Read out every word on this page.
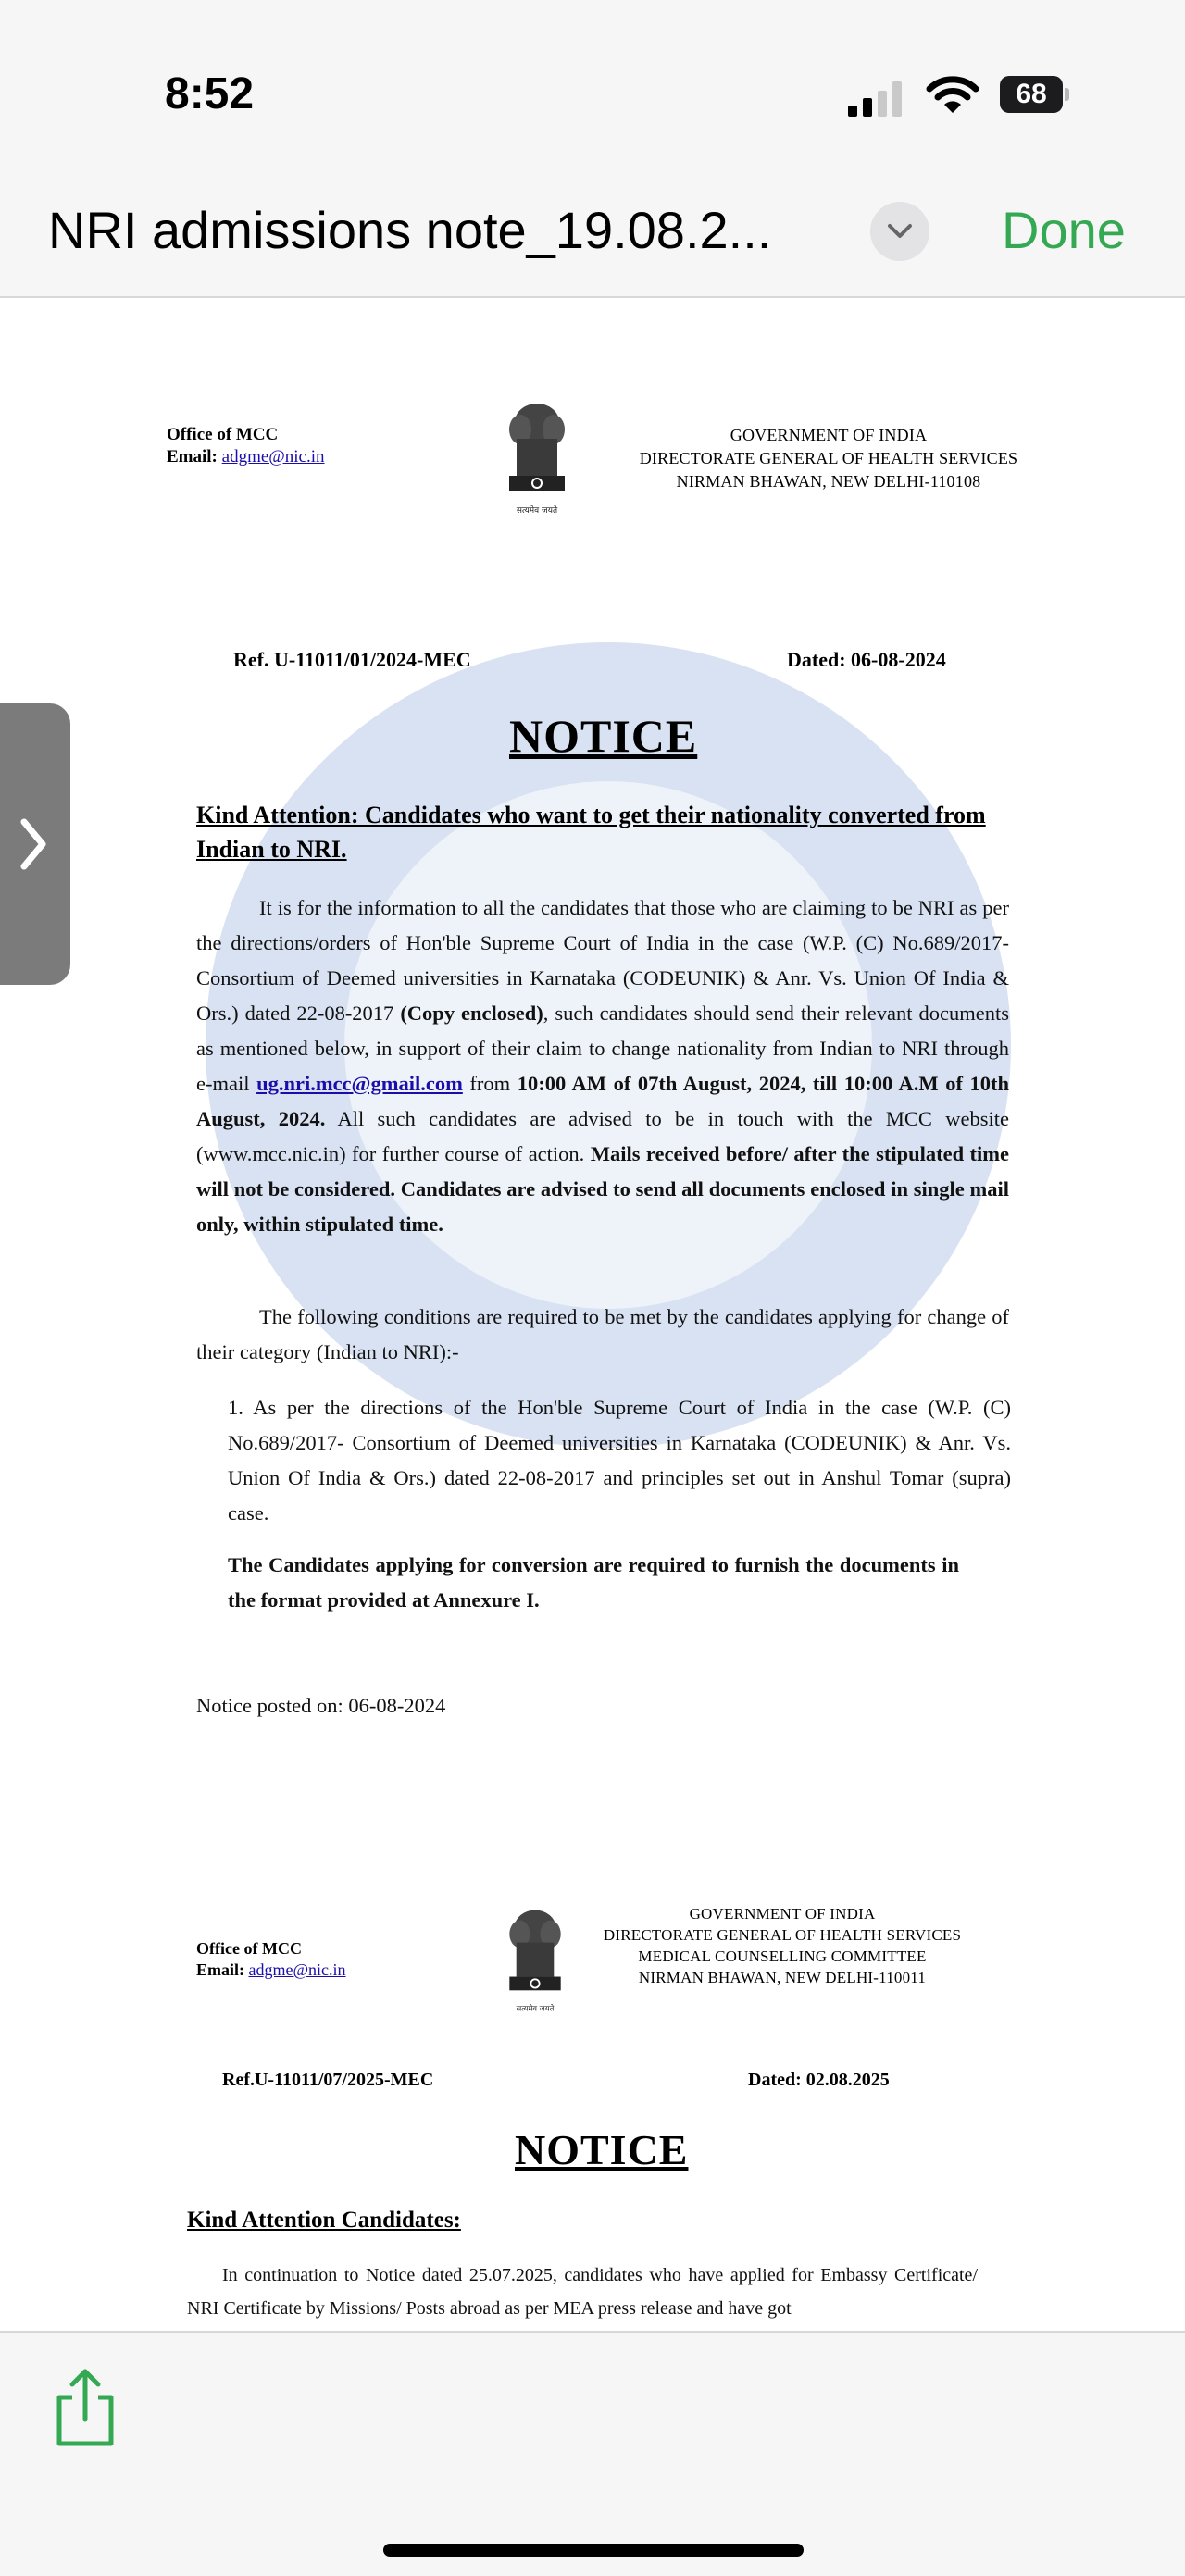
8:52	68
NRI admissions note_19.08.2...	Done
Office of MCC
Email: adgme@nic.in
सत्यमेव जयते
GOVERNMENT OF INDIA
DIRECTORATE GENERAL OF HEALTH SERVICES
NIRMAN BHAWAN, NEW DELHI-110108
Ref. U-11011/01/2024-MEC	Dated: 06-08-2024
NOTICE
Kind Attention: Candidates who want to get their nationality converted from Indian to NRI.
It is for the information to all the candidates that those who are claiming to be NRI as per the directions/orders of Hon'ble Supreme Court of India in the case (W.P. (C) No.689/2017- Consortium of Deemed universities in Karnataka (CODEUNIK) & Anr. Vs. Union Of India & Ors.) dated 22-08-2017 (Copy enclosed), such candidates should send their relevant documents as mentioned below, in support of their claim to change nationality from Indian to NRI through e-mail ug.nri.mcc@gmail.com from 10:00 AM of 07th August, 2024, till 10:00 A.M of 10th August, 2024. All such candidates are advised to be in touch with the MCC website (www.mcc.nic.in) for further course of action. Mails received before/ after the stipulated time will not be considered. Candidates are advised to send all documents enclosed in single mail only, within stipulated time.
The following conditions are required to be met by the candidates applying for change of their category (Indian to NRI):-
1. As per the directions of the Hon'ble Supreme Court of India in the case (W.P. (C) No.689/2017- Consortium of Deemed universities in Karnataka (CODEUNIK) & Anr. Vs. Union Of India & Ors.) dated 22-08-2017 and principles set out in Anshul Tomar (supra) case.
The Candidates applying for conversion are required to furnish the documents in the format provided at Annexure I.
Notice posted on: 06-08-2024
Office of MCC
Email: adgme@nic.in
सत्यमेव जयते
GOVERNMENT OF INDIA
DIRECTORATE GENERAL OF HEALTH SERVICES
MEDICAL COUNSELLING COMMITTEE
NIRMAN BHAWAN, NEW DELHI-110011
Ref.U-11011/07/2025-MEC	Dated: 02.08.2025
NOTICE
Kind Attention Candidates:
In continuation to Notice dated 25.07.2025, candidates who have applied for Embassy Certificate/ NRI Certificate by Missions/ Posts abroad as per MEA press release and have got
